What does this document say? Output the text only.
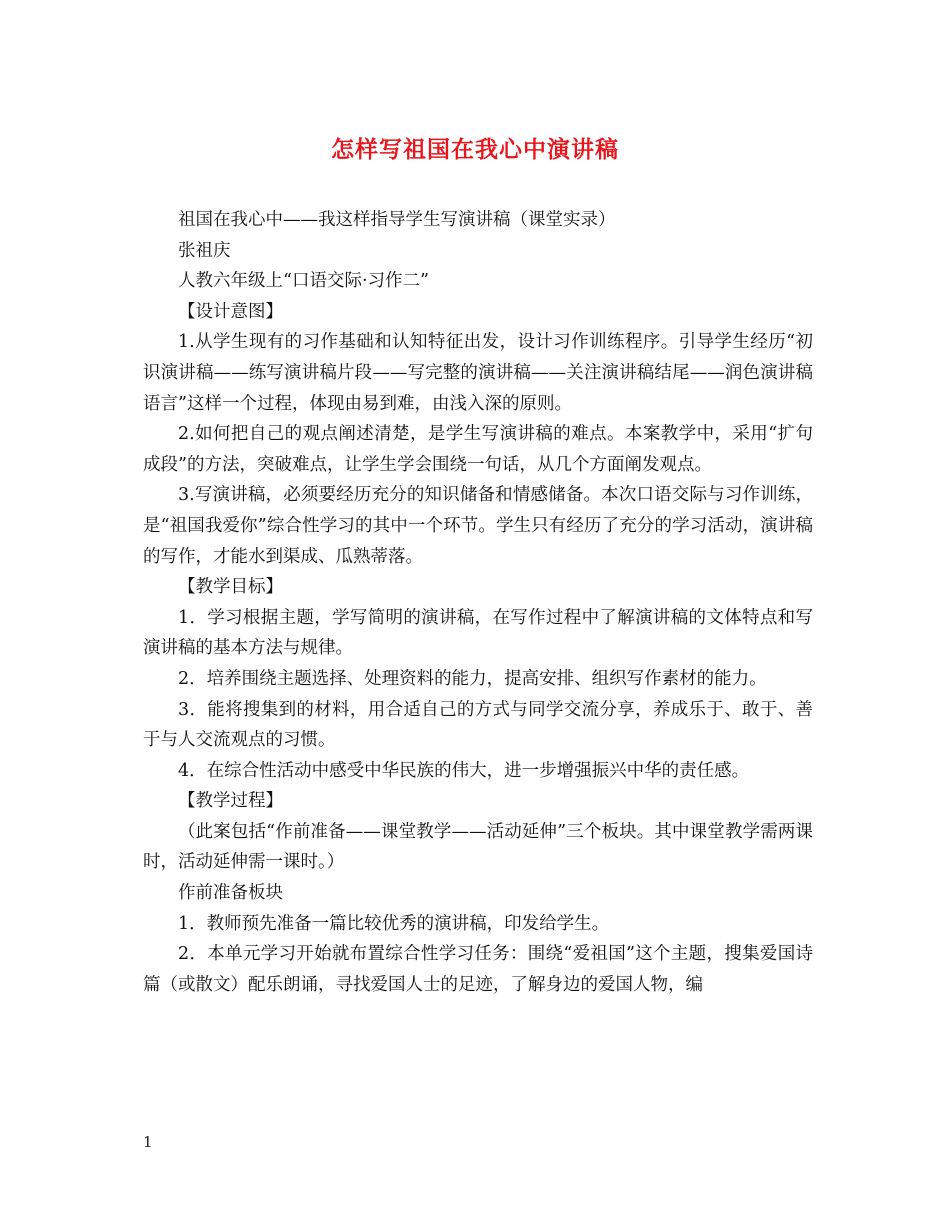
怎样写祖国在我心中演讲稿

祖国在我心中——我这样指导学生写演讲稿（课堂实录）

张祖庆

人教六年级上“口语交际·习作二”

【设计意图】

1.从学生现有的习作基础和认知特征出发，设计习作训练程序。引导学生经历“初识演讲稿——练写演讲稿片段——写完整的演讲稿——关注演讲稿结尾——润色演讲稿语言”这样一个过程，体现由易到难，由浅入深的原则。

2.如何把自己的观点阐述清楚，是学生写演讲稿的难点。本案教学中，采用“扩句成段”的方法，突破难点，让学生学会围绕一句话，从几个方面阐发观点。

3.写演讲稿，必须要经历充分的知识储备和情感储备。本次口语交际与习作训练，是“祖国我爱你”综合性学习的其中一个环节。学生只有经历了充分的学习活动，演讲稿的写作，才能水到渠成、瓜熟蒂落。

【教学目标】

1．学习根据主题，学写简明的演讲稿，在写作过程中了解演讲稿的文体特点和写演讲稿的基本方法与规律。

2．培养围绕主题选择、处理资料的能力，提高安排、组织写作素材的能力。

3．能将搜集到的材料，用合适自己的方式与同学交流分享，养成乐于、敢于、善于与人交流观点的习惯。

4．在综合性活动中感受中华民族的伟大，进一步增强振兴中华的责任感。

【教学过程】

（此案包括“作前准备——课堂教学——活动延伸”三个板块。其中课堂教学需两课时，活动延伸需一课时。）

作前准备板块

1．教师预先准备一篇比较优秀的演讲稿，印发给学生。

2．本单元学习开始就布置综合性学习任务：围绕“爱祖国”这个主题，搜集爱国诗篇（或散文）配乐朗诵，寻找爱国人士的足迹，了解身边的爱国人物，编

1
